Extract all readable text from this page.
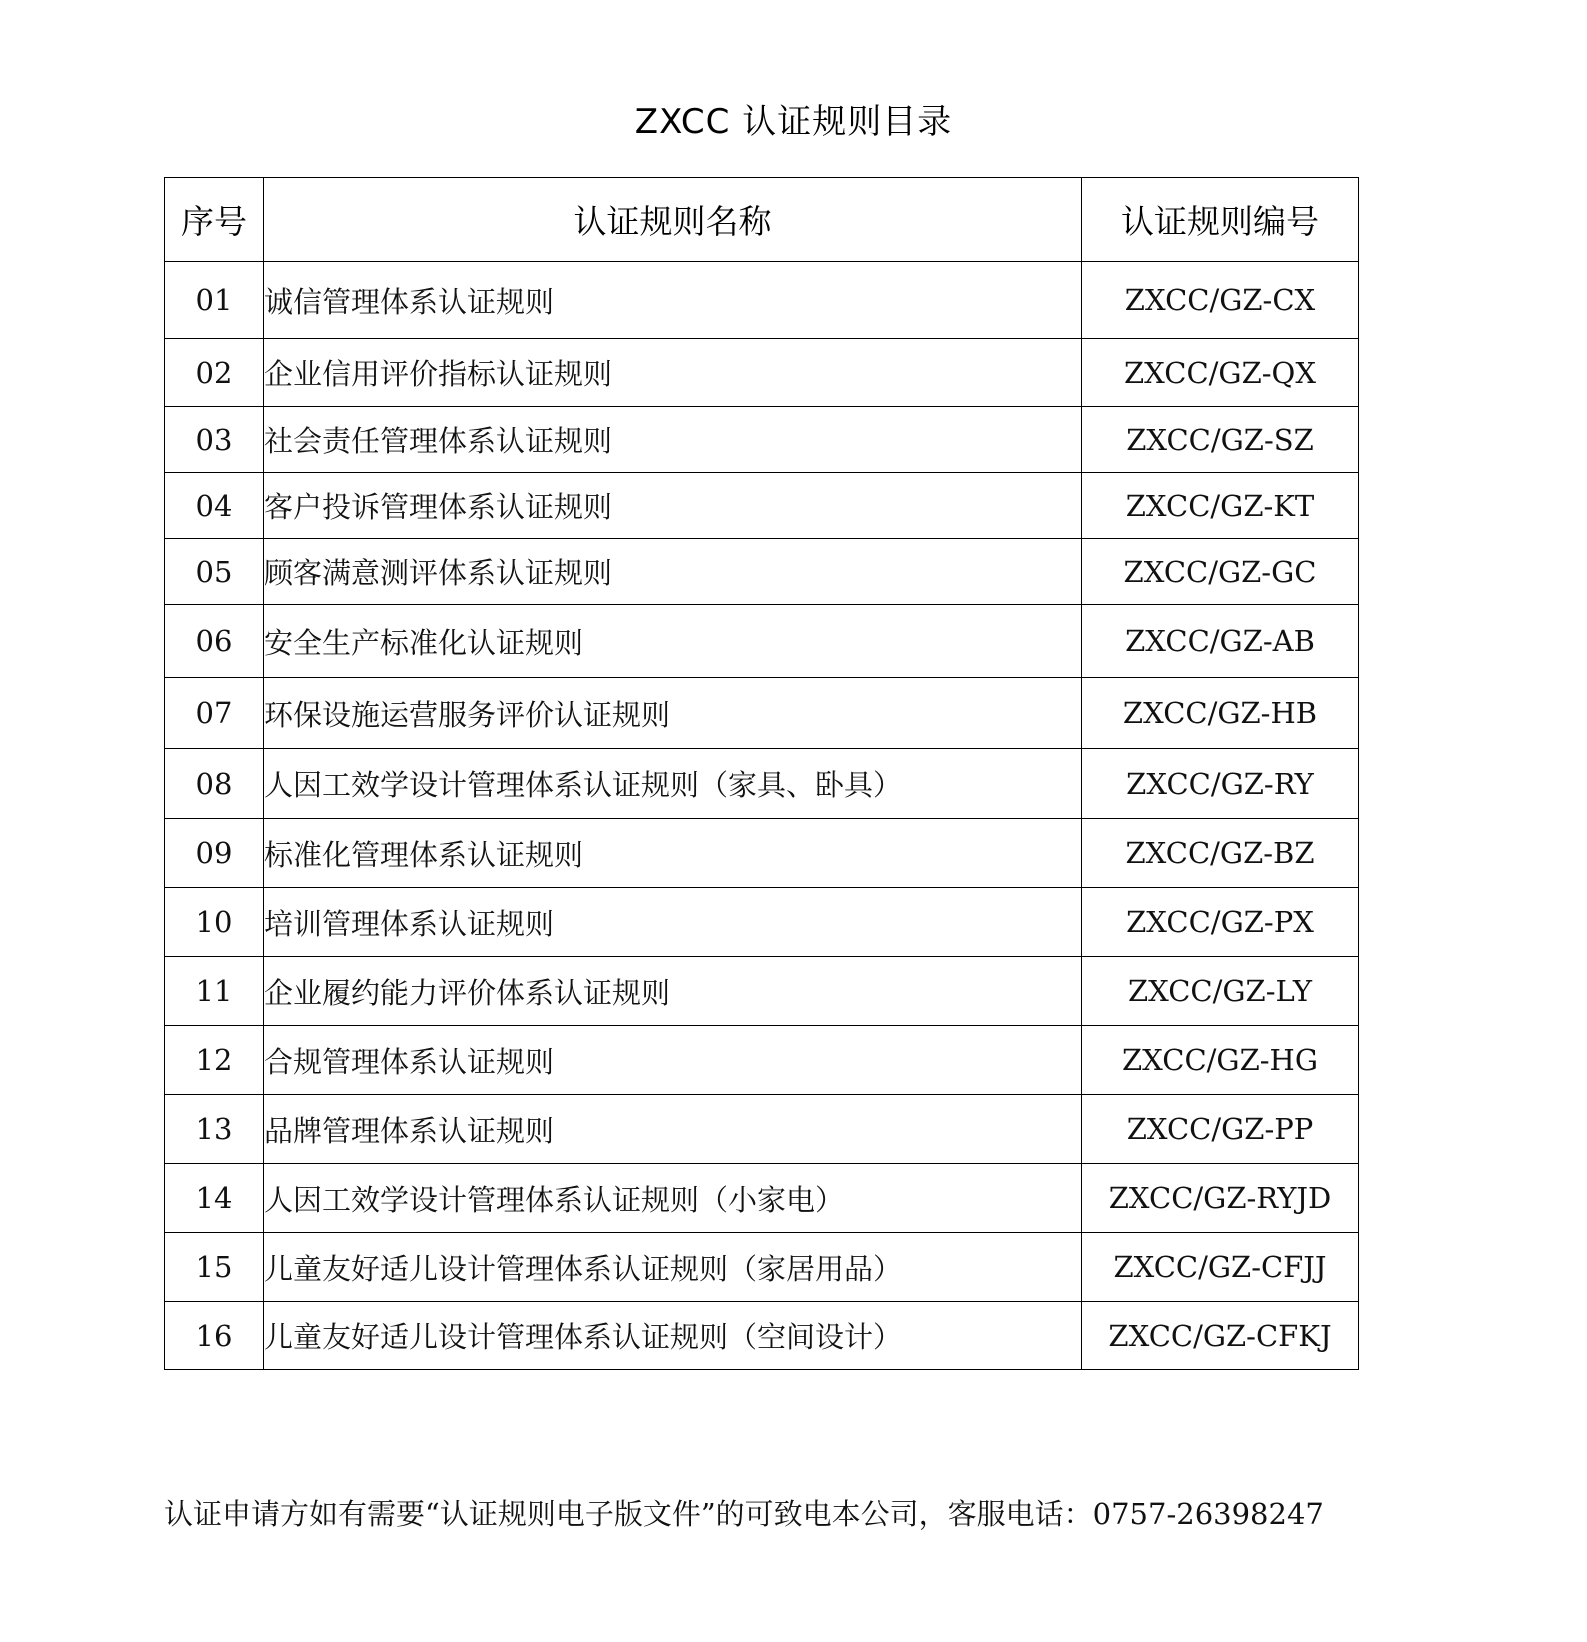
ZXCC 认证规则目录
序号	认证规则名称	认证规则编号
01	诚信管理体系认证规则	ZXCC/GZ-CX
02	企业信用评价指标认证规则	ZXCC/GZ-QX
03	社会责任管理体系认证规则	ZXCC/GZ-SZ
04	客户投诉管理体系认证规则	ZXCC/GZ-KT
05	顾客满意测评体系认证规则	ZXCC/GZ-GC
06	安全生产标准化认证规则	ZXCC/GZ-AB
07	环保设施运营服务评价认证规则	ZXCC/GZ-HB
08	人因工效学设计管理体系认证规则（家具、卧具）	ZXCC/GZ-RY
09	标准化管理体系认证规则	ZXCC/GZ-BZ
10	培训管理体系认证规则	ZXCC/GZ-PX
11	企业履约能力评价体系认证规则	ZXCC/GZ-LY
12	合规管理体系认证规则	ZXCC/GZ-HG
13	品牌管理体系认证规则	ZXCC/GZ-PP
14	人因工效学设计管理体系认证规则（小家电）	ZXCC/GZ-RYJD
15	儿童友好适儿设计管理体系认证规则（家居用品）	ZXCC/GZ-CFJJ
16	儿童友好适儿设计管理体系认证规则（空间设计）	ZXCC/GZ-CFKJ
认证申请方如有需要“认证规则电子版文件”的可致电本公司，客服电话：0757-26398247
